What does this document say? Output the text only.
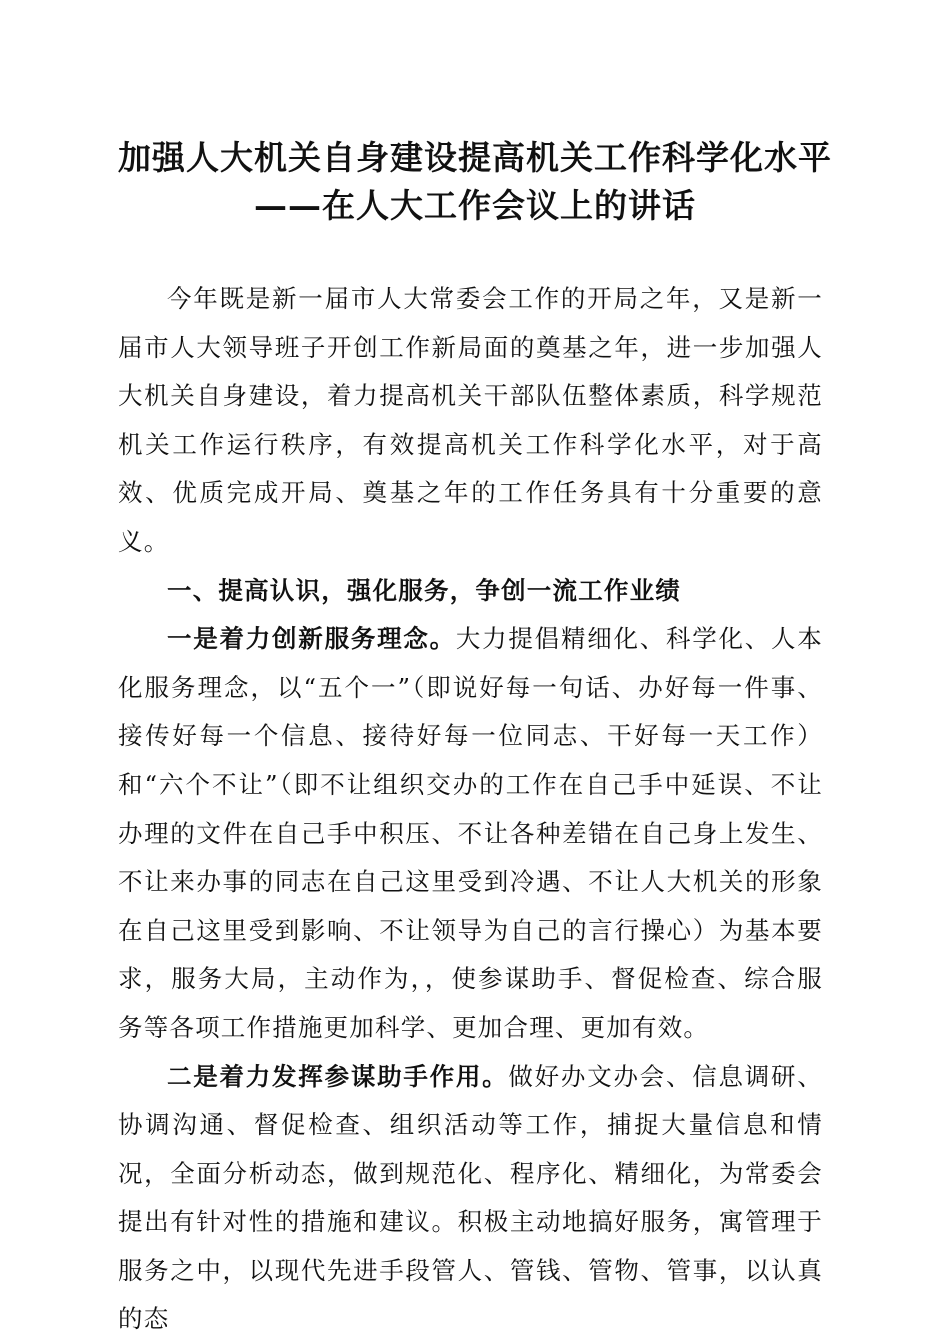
加强人大机关自身建设提高机关工作科学化水平——在人大工作会议上的讲话

今年既是新一届市人大常委会工作的开局之年，又是新一届市人大领导班子开创工作新局面的奠基之年，进一步加强人大机关自身建设，着力提高机关干部队伍整体素质，科学规范机关工作运行秩序，有效提高机关工作科学化水平，对于高效、优质完成开局、奠基之年的工作任务具有十分重要的意义。

一、提高认识，强化服务，争创一流工作业绩

一是着力创新服务理念。大力提倡精细化、科学化、人本化服务理念，以“五个一”（即说好每一句话、办好每一件事、接传好每一个信息、接待好每一位同志、干好每一天工作）和“六个不让”（即不让组织交办的工作在自己手中延误、不让办理的文件在自己手中积压、不让各种差错在自己身上发生、不让来办事的同志在自己这里受到冷遇、不让人大机关的形象在自己这里受到影响、不让领导为自己的言行操心）为基本要求，服务大局，主动作为，，使参谋助手、督促检查、综合服务等各项工作措施更加科学、更加合理、更加有效。

二是着力发挥参谋助手作用。做好办文办会、信息调研、协调沟通、督促检查、组织活动等工作，捕捉大量信息和情况，全面分析动态，做到规范化、程序化、精细化，为常委会提出有针对性的措施和建议。积极主动地搞好服务，寓管理于服务之中，以现代先进手段管人、管钱、管物、管事，以认真的态
